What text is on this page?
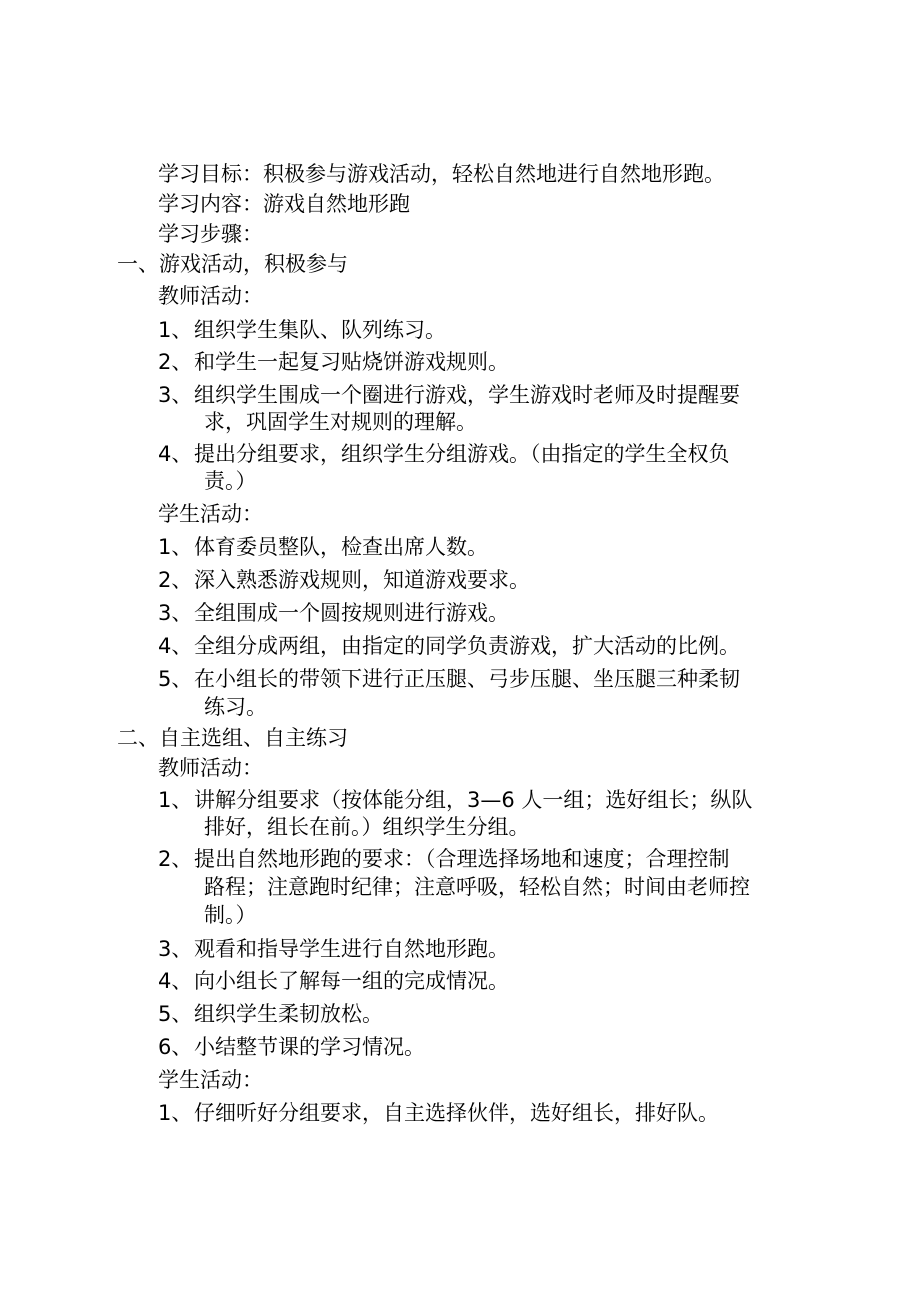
学习目标：积极参与游戏活动，轻松自然地进行自然地形跑。
学习内容：游戏自然地形跑
学习步骤：
一、游戏活动，积极参与
教师活动：
1、组织学生集队、队列练习。
2、和学生一起复习贴烧饼游戏规则。
3、组织学生围成一个圈进行游戏，学生游戏时老师及时提醒要
求，巩固学生对规则的理解。
4、提出分组要求，组织学生分组游戏。（由指定的学生全权负
责。）
学生活动：
1、体育委员整队，检查出席人数。
2、深入熟悉游戏规则，知道游戏要求。
3、全组围成一个圆按规则进行游戏。
4、全组分成两组，由指定的同学负责游戏，扩大活动的比例。
5、在小组长的带领下进行正压腿、弓步压腿、坐压腿三种柔韧
练习。
二、自主选组、自主练习
教师活动：
1、讲解分组要求（按体能分组，3—6 人一组；选好组长；纵队
排好，组长在前。）组织学生分组。
2、提出自然地形跑的要求：（合理选择场地和速度；合理控制
路程；注意跑时纪律；注意呼吸，轻松自然；时间由老师控
制。）
3、观看和指导学生进行自然地形跑。
4、向小组长了解每一组的完成情况。
5、组织学生柔韧放松。
6、小结整节课的学习情况。
学生活动：
1、仔细听好分组要求，自主选择伙伴，选好组长，排好队。
